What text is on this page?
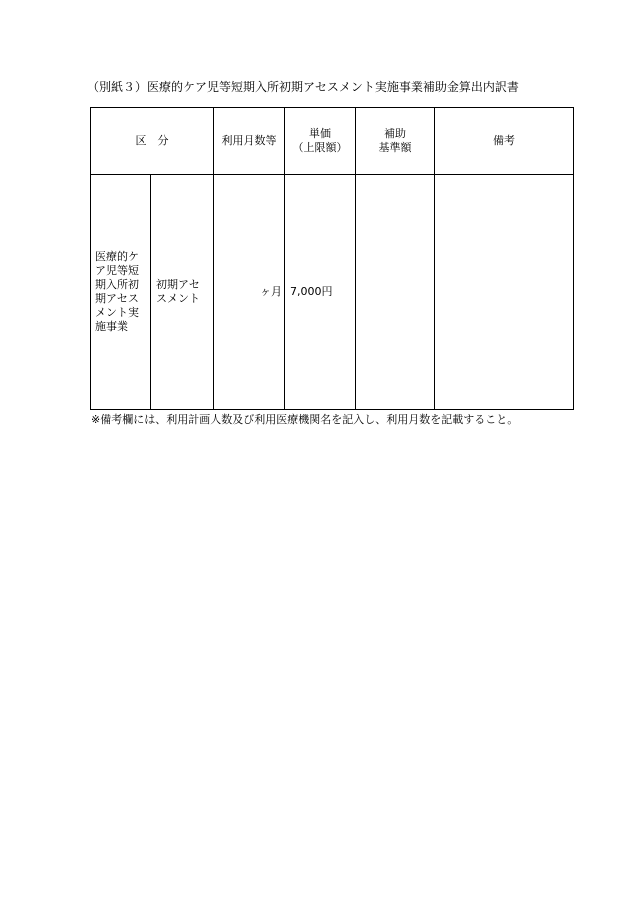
（別紙３）医療的ケア児等短期入所初期アセスメント実施事業補助金算出内訳書
区　分	利用月数等
単価
（上限額）
補助
基準額
備考
医療的ケア児等短期入所初期アセスメント実施事業
初期アセスメント
ヶ月 7,000円
※備考欄には、利用計画人数及び利用医療機関名を記入し、利用月数を記載すること。
